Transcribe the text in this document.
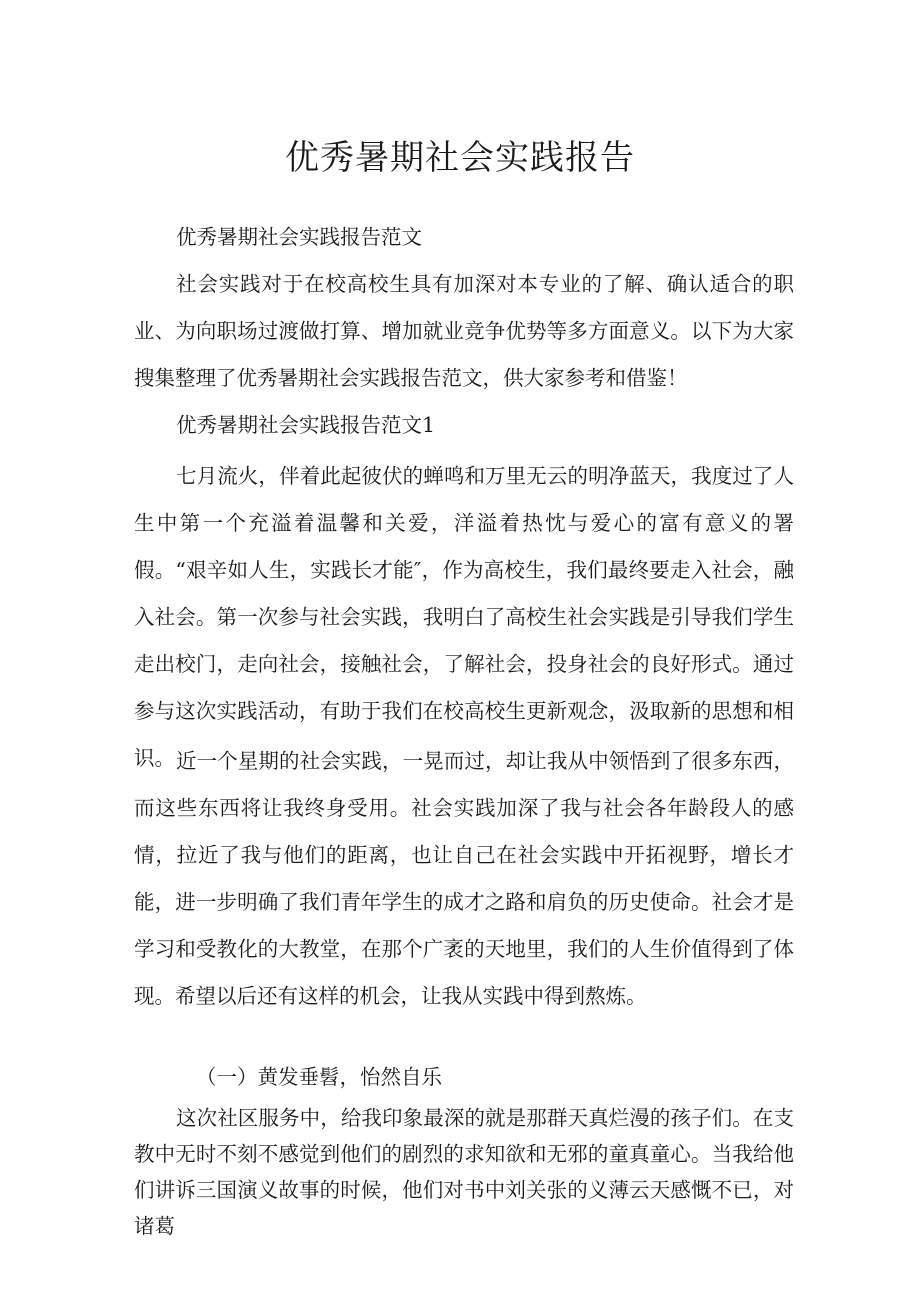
优秀暑期社会实践报告

优秀暑期社会实践报告范文

社会实践对于在校高校生具有加深对本专业的了解、确认适合的职业、为向职场过渡做打算、增加就业竞争优势等多方面意义。以下为大家搜集整理了优秀暑期社会实践报告范文，供大家参考和借鉴！

优秀暑期社会实践报告范文1

七月流火，伴着此起彼伏的蝉鸣和万里无云的明净蓝天，我度过了人生中第一个充溢着温馨和关爱，洋溢着热忱与爱心的富有意义的署假。“艰辛如人生，实践长才能″，作为高校生，我们最终要走入社会，融入社会。第一次参与社会实践，我明白了高校生社会实践是引导我们学生走出校门，走向社会，接触社会，了解社会，投身社会的良好形式。通过参与这次实践活动，有助于我们在校高校生更新观念，汲取新的思想和相识。 近一个星期的社会实践，一晃而过，却让我从中领悟到了很多东西，而这些东西将让我终身受用。社会实践加深了我与社会各年龄段人的感情，拉近了我与他们的距离，也让自己在社会实践中开拓视野，增长才能，进一步明确了我们青年学生的成才之路和肩负的历史使命。社会才是学习和受教化的大教堂，在那个广袤的天地里，我们的人生价值得到了体现。希望以后还有这样的机会，让我从实践中得到熬炼。

（一）黄发垂髫，怡然自乐

这次社区服务中，给我印象最深的就是那群天真烂漫的孩子们。在支教中无时不刻不感觉到他们的剧烈的求知欲和无邪的童真童心。当我给他们讲诉三国演义故事的时候，他们对书中刘关张的义薄云天感慨不已，对诸葛
